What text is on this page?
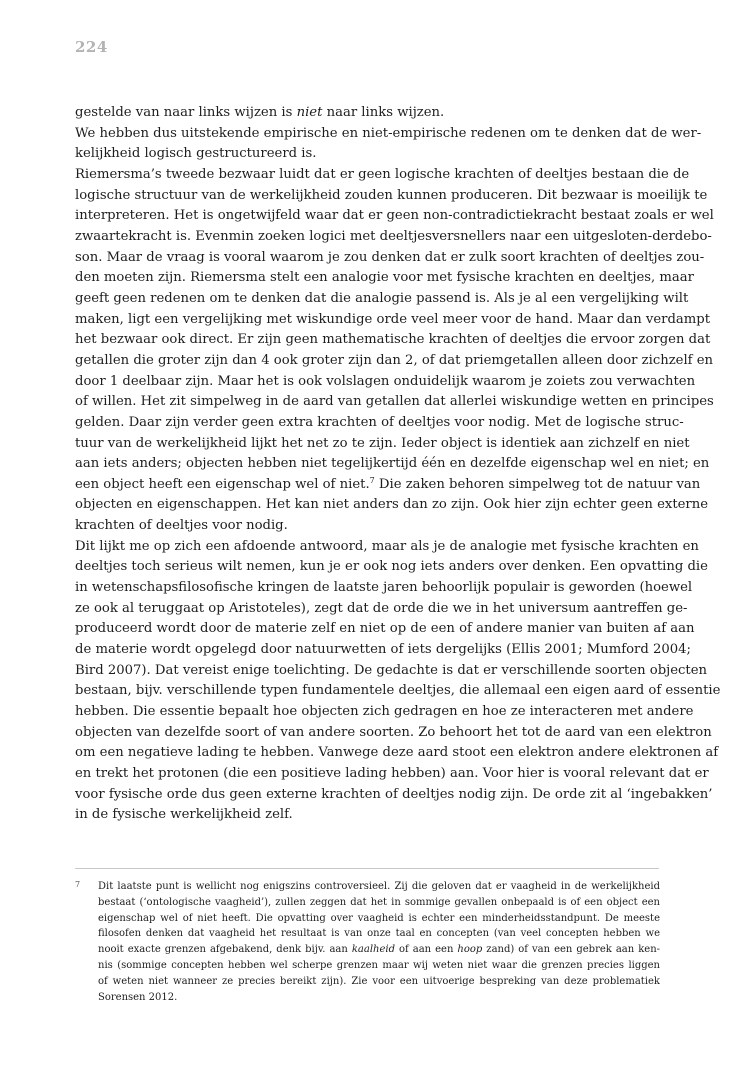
224
gestelde van naar links wijzen is niet naar links wijzen.
We hebben dus uitstekende empirische en niet-empirische redenen om te denken dat de wer-
kelijkheid logisch gestructureerd is.
Riemersma’s tweede bezwaar luidt dat er geen logische krachten of deeltjes bestaan die de
logische structuur van de werkelijkheid zouden kunnen produceren. Dit bezwaar is moeilijk te
interpreteren. Het is ongetwijfeld waar dat er geen non-contradictiekracht bestaat zoals er wel
zwaartekracht is. Evenmin zoeken logici met deeltjesversnellers naar een uitgesloten-derdebo-
son. Maar de vraag is vooral waarom je zou denken dat er zulk soort krachten of deeltjes zou-
den moeten zijn. Riemersma stelt een analogie voor met fysische krachten en deeltjes, maar
geeft geen redenen om te denken dat die analogie passend is. Als je al een vergelijking wilt
maken, ligt een vergelijking met wiskundige orde veel meer voor de hand. Maar dan verdampt
het bezwaar ook direct. Er zijn geen mathematische krachten of deeltjes die ervoor zorgen dat
getallen die groter zijn dan 4 ook groter zijn dan 2, of dat priemgetallen alleen door zichzelf en
door 1 deelbaar zijn. Maar het is ook volslagen onduidelijk waarom je zoiets zou verwachten
of willen. Het zit simpelweg in de aard van getallen dat allerlei wiskundige wetten en principes
gelden. Daar zijn verder geen extra krachten of deeltjes voor nodig. Met de logische struc-
tuur van de werkelijkheid lijkt het net zo te zijn. Ieder object is identiek aan zichzelf en niet
aan iets anders; objecten hebben niet tegelijkertijd één en dezelfde eigenschap wel en niet; en
een object heeft een eigenschap wel of niet.$^7$ Die zaken behoren simpelweg tot de natuur van
objecten en eigenschappen. Het kan niet anders dan zo zijn. Ook hier zijn echter geen externe
krachten of deeltjes voor nodig.
Dit lijkt me op zich een afdoende antwoord, maar als je de analogie met fysische krachten en
deeltjes toch serieus wilt nemen, kun je er ook nog iets anders over denken. Een opvatting die
in wetenschapsfilosofische kringen de laatste jaren behoorlijk populair is geworden (hoewel
ze ook al teruggaat op Aristoteles), zegt dat de orde die we in het universum aantreffen ge-
produceerd wordt door de materie zelf en niet op de een of andere manier van buiten af aan
de materie wordt opgelegd door natuurwetten of iets dergelijks (Ellis 2001; Mumford 2004;
Bird 2007). Dat vereist enige toelichting. De gedachte is dat er verschillende soorten objecten
bestaan, bijv. verschillende typen fundamentele deeltjes, die allemaal een eigen aard of essentie
hebben. Die essentie bepaalt hoe objecten zich gedragen en hoe ze interacteren met andere
objecten van dezelfde soort of van andere soorten. Zo behoort het tot de aard van een elektron
om een negatieve lading te hebben. Vanwege deze aard stoot een elektron andere elektronen af
en trekt het protonen (die een positieve lading hebben) aan. Voor hier is vooral relevant dat er
voor fysische orde dus geen externe krachten of deeltjes nodig zijn. De orde zit al ‘ingebakken’
in de fysische werkelijkheid zelf.
7 Dit laatste punt is wellicht nog enigszins controversieel. Zij die geloven dat er vaagheid in de werkelijkheid
bestaat (‘ontologische vaagheid’), zullen zeggen dat het in sommige gevallen onbepaald is of een object een
eigenschap wel of niet heeft. Die opvatting over vaagheid is echter een minderheidsstandpunt. De meeste
filosofen denken dat vaagheid het resultaat is van onze taal en concepten (van veel concepten hebben we
nooit exacte grenzen afgebakend, denk bijv. aan kaalheid of aan een hoop zand) of van een gebrek aan ken-
nis (sommige concepten hebben wel scherpe grenzen maar wij weten niet waar die grenzen precies liggen
of weten niet wanneer ze precies bereikt zijn). Zie voor een uitvoerige bespreking van deze problematiek
Sorensen 2012.
